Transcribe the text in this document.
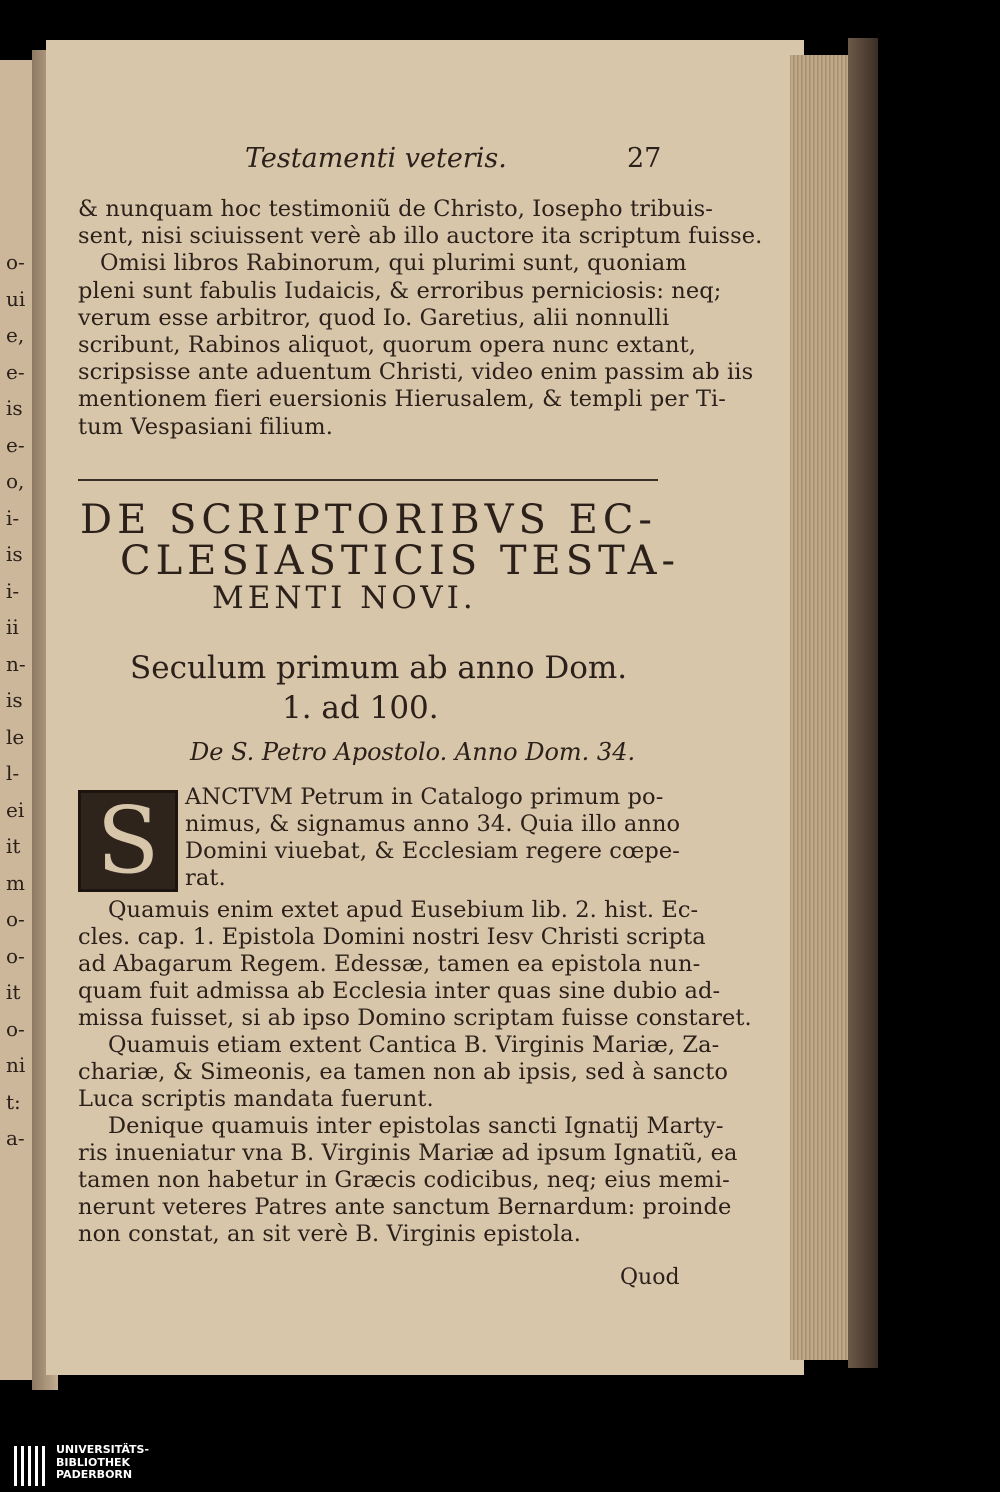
o-
ui
e,
e-
is
e-
o,
i-
is
i-
ii
n-
is
le
l-
ei
it
m
o-
o-
it
o-
ni
t:
a-
Testamenti veteris.	27
& nunquam hoc testimoniũ de Christo, Iosepho tribuis-
sent, nisi sciuissent verè ab illo auctore ita scriptum fuisse.
Omisi libros Rabinorum, qui plurimi sunt, quoniam
pleni sunt fabulis Iudaicis, & erroribus perniciosis: neq;
verum esse arbitror, quod Io. Garetius, alii nonnulli
scribunt, Rabinos aliquot, quorum opera nunc extant,
scripsisse ante aduentum Christi, video enim passim ab iis
mentionem fieri euersionis Hierusalem, & templi per Ti-
tum Vespasiani filium.
DE SCRIPTORIBVS EC-
CLESIASTICIS TESTA-
MENTI NOVI.
Seculum primum ab anno Dom.
1. ad 100.
De S. Petro Apostolo. Anno Dom. 34.
S	ANCTVM Petrum in Catalogo primum po-
nimus, & signamus anno 34. Quia illo anno
Domini viuebat, & Ecclesiam regere cœpe-
rat.
Quamuis enim extet apud Eusebium lib. 2. hist. Ec-
cles. cap. 1. Epistola Domini nostri Iesv Christi scripta
ad Abagarum Regem. Edessæ, tamen ea epistola nun-
quam fuit admissa ab Ecclesia inter quas sine dubio ad-
missa fuisset, si ab ipso Domino scriptam fuisse constaret.
Quamuis etiam extent Cantica B. Virginis Mariæ, Za-
chariæ, & Simeonis, ea tamen non ab ipsis, sed à sancto
Luca scriptis mandata fuerunt.
Denique quamuis inter epistolas sancti Ignatij Marty-
ris inueniatur vna B. Virginis Mariæ ad ipsum Ignatiũ, ea
tamen non habetur in Græcis codicibus, neq; eius memi-
nerunt veteres Patres ante sanctum Bernardum: proinde
non constat, an sit verè B. Virginis epistola.
Quod
UNIVERSITÄTS-
BIBLIOTHEK
PADERBORN
